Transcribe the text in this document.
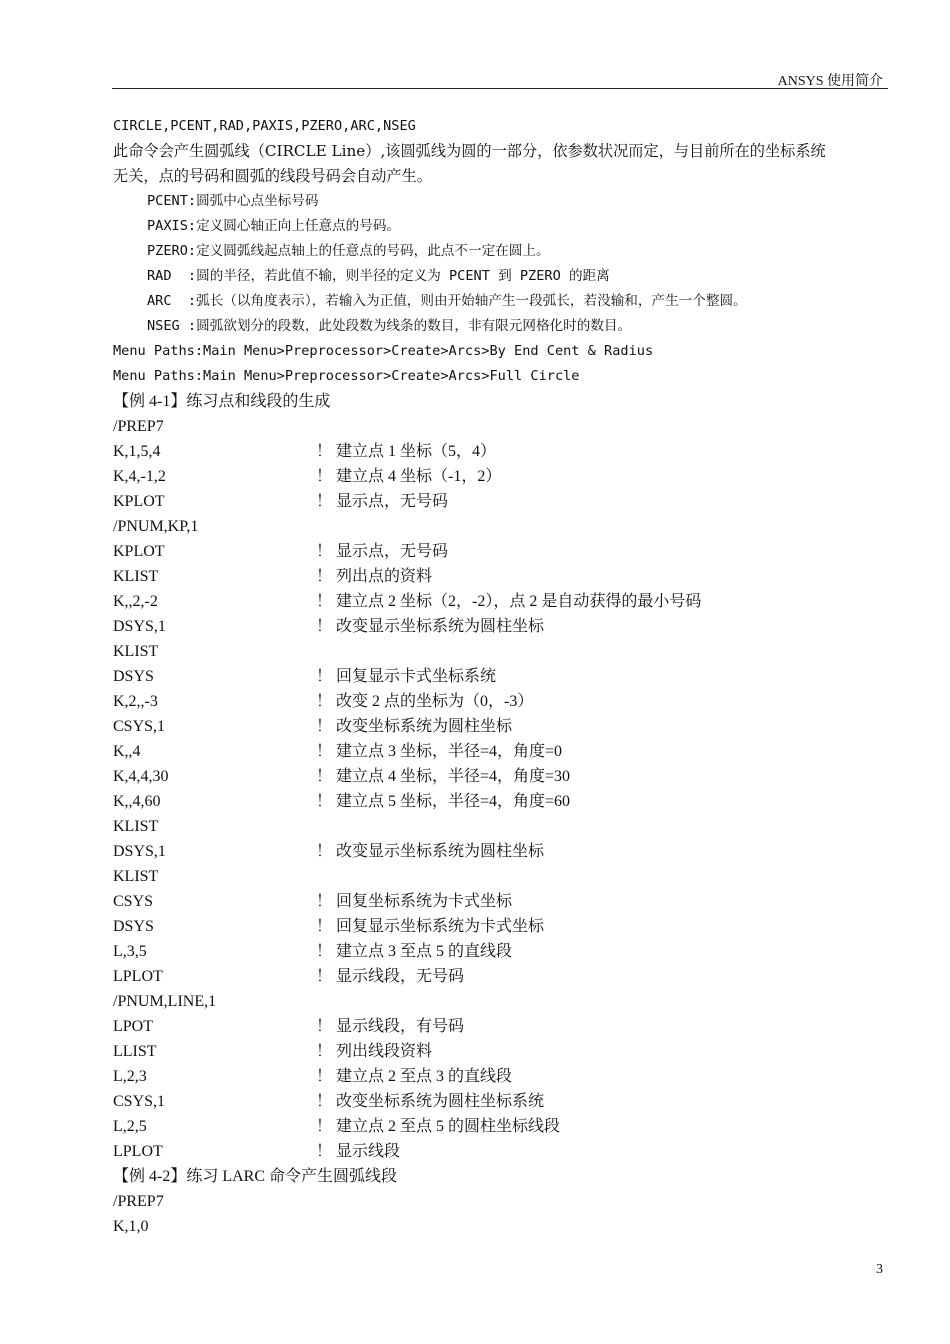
ANSYS 使用简介
CIRCLE,PCENT,RAD,PAXIS,PZERO,ARC,NSEG
此命令会产生圆弧线（CIRCLE Line）,该圆弧线为圆的一部分，依参数状况而定，与目前所在的坐标系统
无关，点的号码和圆弧的线段号码会自动产生。
PCENT:圆弧中心点坐标号码
PAXIS:定义圆心轴正向上任意点的号码。
PZERO:定义圆弧线起点轴上的任意点的号码，此点不一定在圆上。
RAD  :圆的半径，若此值不输，则半径的定义为 PCENT 到 PZERO 的距离
ARC  :弧长（以角度表示），若输入为正值，则由开始轴产生一段弧长，若没输和，产生一个整圆。
NSEG :圆弧欲划分的段数，此处段数为线条的数目，非有限元网格化时的数目。
Menu Paths:Main Menu>Preprocessor>Create>Arcs>By End Cent & Radius
Menu Paths:Main Menu>Preprocessor>Create>Arcs>Full Circle
【例 4-1】练习点和线段的生成
/PREP7
K,1,5,4	！ 建立点 1 坐标（5，4）
K,4,-1,2	！ 建立点 4 坐标（-1，2）
KPLOT	！ 显示点，无号码
/PNUM,KP,1
KPLOT	！ 显示点，无号码
KLIST	！ 列出点的资料
K,,2,-2	！ 建立点 2 坐标（2，-2），点 2 是自动获得的最小号码
DSYS,1	！ 改变显示坐标系统为圆柱坐标
KLIST
DSYS	！ 回复显示卡式坐标系统
K,2,,-3	！ 改变 2 点的坐标为（0，-3）
CSYS,1	！ 改变坐标系统为圆柱坐标
K,,4	！ 建立点 3 坐标，半径=4，角度=0
K,4,4,30	！ 建立点 4 坐标，半径=4，角度=30
K,,4,60	！ 建立点 5 坐标，半径=4，角度=60
KLIST
DSYS,1	！ 改变显示坐标系统为圆柱坐标
KLIST
CSYS	！ 回复坐标系统为卡式坐标
DSYS	！ 回复显示坐标系统为卡式坐标
L,3,5	！ 建立点 3 至点 5 的直线段
LPLOT	！ 显示线段，无号码
/PNUM,LINE,1
LPOT	！ 显示线段，有号码
LLIST	！ 列出线段资料
L,2,3	！ 建立点 2 至点 3 的直线段
CSYS,1	！ 改变坐标系统为圆柱坐标系统
L,2,5	！ 建立点 2 至点 5 的圆柱坐标线段
LPLOT	！ 显示线段
【例 4-2】练习 LARC 命令产生圆弧线段
/PREP7
K,1,0
3
